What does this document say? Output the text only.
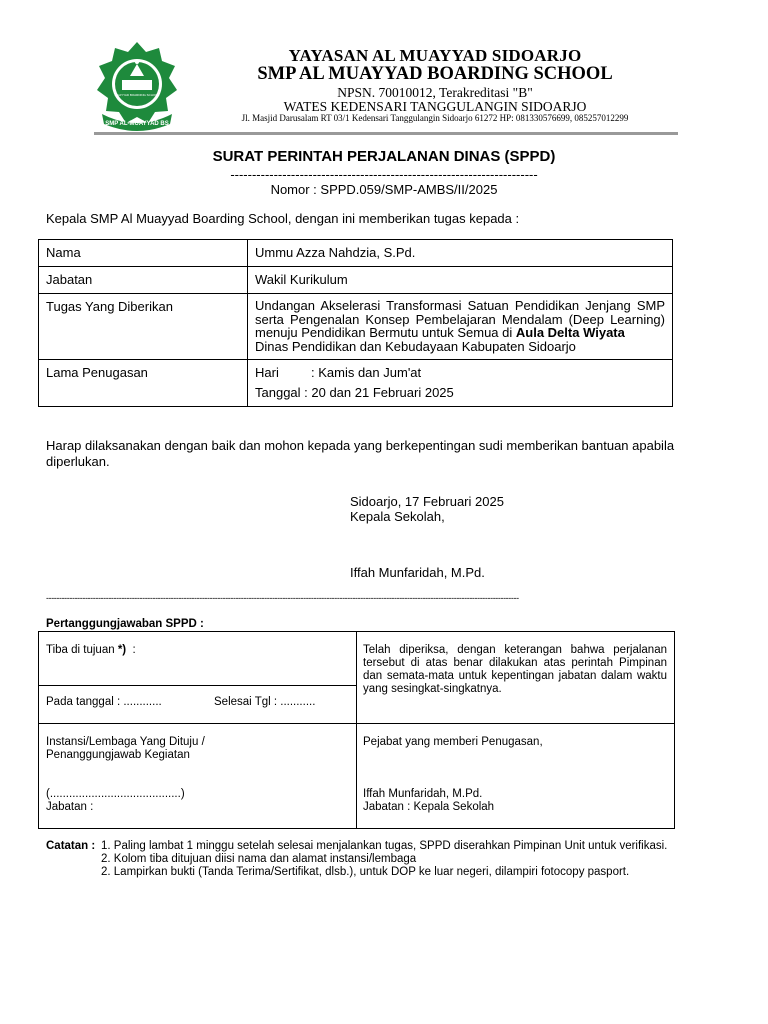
MUAYYAD BOARDING SCHOOL
SMP AL-MUAYYAD BS
YAYASAN AL MUAYYAD SIDOARJO
SMP AL MUAYYAD BOARDING SCHOOL
NPSN. 70010012, Terakreditasi "B"
WATES KEDENSARI TANGGULANGIN SIDOARJO
Jl. Masjid Darusalam RT 03/1 Kedensari Tanggulangin Sidoarjo 61272 HP: 081330576699, 085257012299
SURAT PERINTAH PERJALANAN DINAS (SPPD)
-----------------------------------------------------------------------
Nomor : SPPD.059/SMP-AMBS/II/2025
Kepala SMP Al Muayyad Boarding School, dengan ini memberikan tugas kepada :
Nama	Ummu Azza Nahdzia, S.Pd.
Jabatan	Wakil Kurikulum
Tugas Yang Diberikan	Undangan Akselerasi Transformasi Satuan Pendidikan Jenjang SMP serta Pengenalan Konsep Pembelajaran Mendalam (Deep Learning) menuju Pendidikan Bermutu untuk Semua di Aula Delta Wiyata
Dinas Pendidikan dan Kebudayaan Kabupaten Sidoarjo

Lama Penugasan	Hari : Kamis dan Jum'at
Tanggal : 20 dan 21 Februari 2025
Harap dilaksanakan dengan baik dan mohon kepada yang berkepentingan sudi memberikan bantuan apabila diperlukan.
Sidoarjo, 17 Februari 2025
Kepala Sekolah,
Iffah Munfaridah, M.Pd.
--------------------------------------------------------------------------------------------------------------------------------------------------------------------------------------
Pertanggungjawaban SPPD :
Tiba di tujuan *) :
Pada tanggal : ............	Selesai Tgl : ...........
Telah diperiksa, dengan keterangan bahwa perjalanan tersebut di atas benar dilakukan atas perintah Pimpinan dan semata-mata untuk kepentingan jabatan dalam waktu yang sesingkat-singkatnya.
Instansi/Lembaga Yang Dituju /
Penanggungjawab Kegiatan
(.........................................)
Jabatan :
Pejabat yang memberi Penugasan,
Iffah Munfaridah, M.Pd.
Jabatan : Kepala Sekolah
Catatan : 1. Paling lambat 1 minggu setelah selesai menjalankan tugas, SPPD diserahkan Pimpinan Unit untuk verifikasi.
2. Kolom tiba ditujuan diisi nama dan alamat instansi/lembaga
2. Lampirkan bukti (Tanda Terima/Sertifikat, dlsb.), untuk DOP ke luar negeri, dilampiri fotocopy pasport.
